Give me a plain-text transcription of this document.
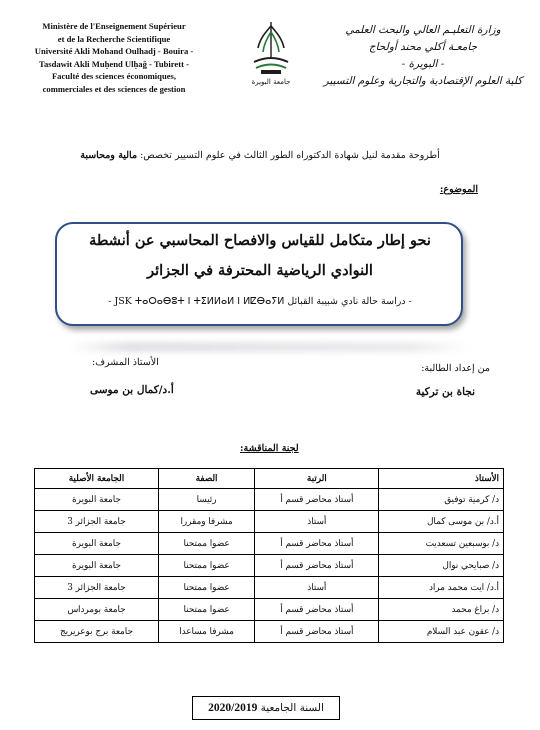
Ministère de l'Enseignement Supérieur
et de la Recherche Scientifique
Université Akli Mohand Oulhadj - Bouira -
Tasdawit Akli Muḥend Ulḥağ - Tubirett -
Faculté des sciences économiques,
commerciales et des sciences de gestion
جامعة البويرة
وزارة التعليـم العالي والبحث العلمي
جامعـة أكلي محند أولحاج
- البويرة -
كلية العلوم الإقتصادية والتجارية وعلوم التسيير
أطروحة مقدمة لنيل شهادة الدكتوراه الطور الثالث في علوم التسيير تخصص: مالية ومحاسبة
الموضوع:
نحو إطار متكامل للقياس والافصاح المحاسبي عن أنشطة
النوادي الرياضية المحترفة في الجزائر
- دراسة حالة نادي شبيبة القبائل JSK ⵜⴰⵔⴰⴱⵓⵜ ⵏ ⵜⵉⵍⵍⴰⵍ ⵏ ⵍⵇⴱⴰⵢⵍ -
من إعداد الطالبة:
الأستاذ المشرف:
نجاة بن تركية
أ.د/كمال بن موسى
لجنة المناقشة:
الأستاذ	الرتبة	الصفة	الجامعة الأصلية
د/ كرمية توفيق	أستاذ محاضر قسم أ	رئيسا	جامعة البويرة
أ.د/ بن موسى كمال	أستاذ	مشرفا ومقررا	جامعة الجزائر 3
د/ بوسبعين تسعديت	أستاذ محاضر قسم أ	عضوا ممتحنا	جامعة البويرة
د/ صبايحي نوال	أستاذ محاضر قسم أ	عضوا ممتحنا	جامعة البويرة
أ.د/ ايت محمد مراد	أستاذ	عضوا ممتحنا	جامعة الجزائر 3
د/ براغ محمد	أستاذ محاضر قسم أ	عضوا ممتحنا	جامعة بومرداس
د/ عقون عبد السلام	أستاذ محاضر قسم أ	مشرفا مساعدا	جامعة برج بوعريريج
السنة الجامعية 2020/2019
